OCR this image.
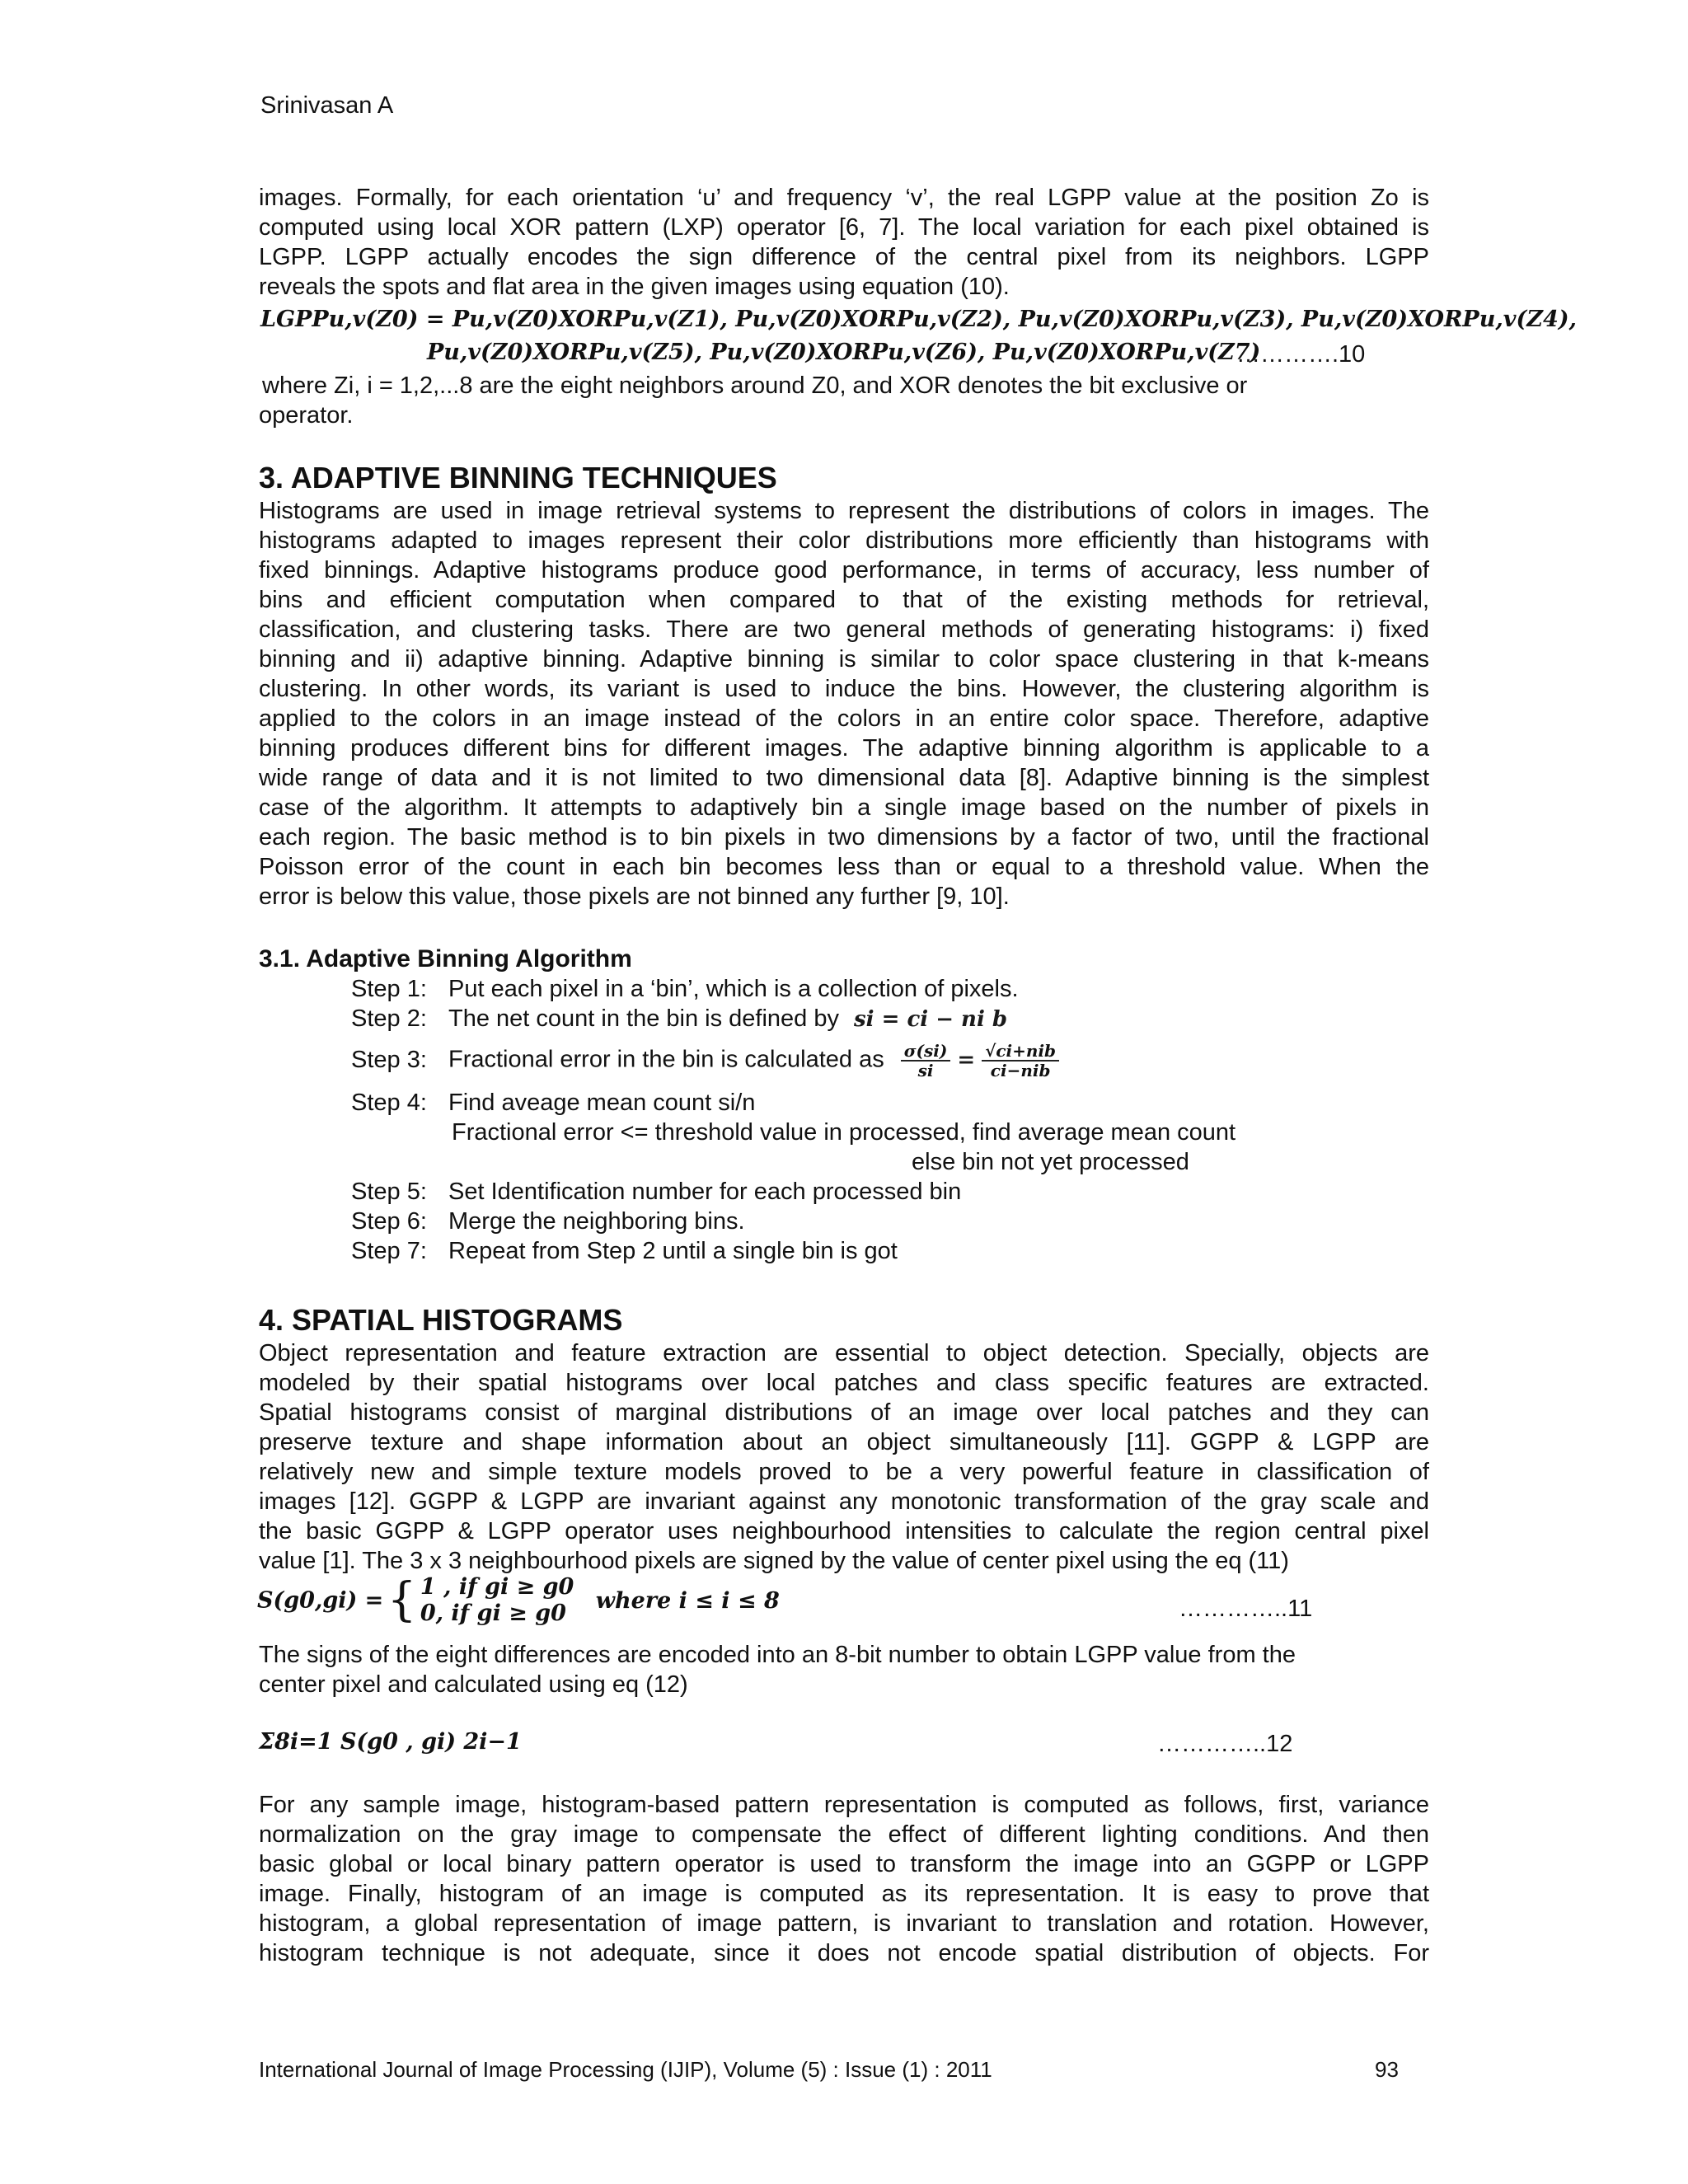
Srinivasan A
images. Formally, for each orientation ‘u’ and frequency ‘v’, the real LGPP value at the position Zo is
computed using local XOR pattern (LXP) operator [6, 7]. The local variation for each pixel obtained is
LGPP. LGPP actually encodes the sign difference of the central pixel from its neighbors. LGPP
reveals the spots and flat area in the given images using equation (10).
LGPPu,v(Z0) = Pu,v(Z0)XORPu,v(Z1), Pu,v(Z0)XORPu,v(Z2), Pu,v(Z0)XORPu,v(Z3), Pu,v(Z0)XORPu,v(Z4),
Pu,v(Z0)XORPu,v(Z5), Pu,v(Z0)XORPu,v(Z6), Pu,v(Z0)XORPu,v(Z7)
………….10
where Zi, i = 1,2,...8 are the eight neighbors around Z0, and XOR denotes the bit exclusive or
operator.
3. ADAPTIVE BINNING TECHNIQUES
Histograms are used in image retrieval systems to represent the distributions of colors in images. The
histograms adapted to images represent their color distributions more efficiently than histograms with
fixed binnings. Adaptive histograms produce good performance, in terms of accuracy, less number of
bins and efficient computation when compared to that of the existing methods for retrieval,
classification, and clustering tasks. There are two general methods of generating histograms: i) fixed
binning and ii) adaptive binning. Adaptive binning is similar to color space clustering in that k-means
clustering. In other words, its variant is used to induce the bins. However, the clustering algorithm is
applied to the colors in an image instead of the colors in an entire color space. Therefore, adaptive
binning produces different bins for different images. The adaptive binning algorithm is applicable to a
wide range of data and it is not limited to two dimensional data [8]. Adaptive binning is the simplest
case of the algorithm. It attempts to adaptively bin a single image based on the number of pixels in
each region. The basic method is to bin pixels in two dimensions by a factor of two, until the fractional
Poisson error of the count in each bin becomes less than or equal to a threshold value. When the
error is below this value, those pixels are not binned any further [9, 10].
3.1. Adaptive Binning Algorithm
Step 1: Put each pixel in a ‘bin’, which is a collection of pixels.
Step 2: The net count in the bin is defined by si = ci − ni b
Step 3: Fractional error in the bin is calculated as $\frac{\sigma(si)}{si} = \frac{\text{√ci+nib}}{\text{ci−nib}}$
Step 4: Find aveage mean count si/n
Fractional error <= threshold value in processed, find average mean count
else bin not yet processed
Step 5: Set Identification number for each processed bin
Step 6: Merge the neighboring bins.
Step 7: Repeat from Step 2 until a single bin is got
4. SPATIAL HISTOGRAMS
Object representation and feature extraction are essential to object detection. Specially, objects are
modeled by their spatial histograms over local patches and class specific features are extracted.
Spatial histograms consist of marginal distributions of an image over local patches and they can
preserve texture and shape information about an object simultaneously [11]. GGPP & LGPP are
relatively new and simple texture models proved to be a very powerful feature in classification of
images [12]. GGPP & LGPP are invariant against any monotonic transformation of the gray scale and
the basic GGPP & LGPP operator uses neighbourhood intensities to calculate the region central pixel
value [1]. The 3 x 3 neighbourhood pixels are signed by the value of center pixel using the eq (11)
S(g0,gi) = { 1 , if gi ≥ g0
0, if gi ≥ g0	where i ≤ i ≤ 8	…………..11
The signs of the eight differences are encoded into an 8-bit number to obtain LGPP value from the
center pixel and calculated using eq (12)
Σ8i=1 S(g0 , gi) 2i−1	…………..12
For any sample image, histogram-based pattern representation is computed as follows, first, variance
normalization on the gray image to compensate the effect of different lighting conditions. And then
basic global or local binary pattern operator is used to transform the image into an GGPP or LGPP
image. Finally, histogram of an image is computed as its representation. It is easy to prove that
histogram, a global representation of image pattern, is invariant to translation and rotation. However,
histogram technique is not adequate, since it does not encode spatial distribution of objects. For
International Journal of Image Processing (IJIP), Volume (5) : Issue (1) : 2011	93
